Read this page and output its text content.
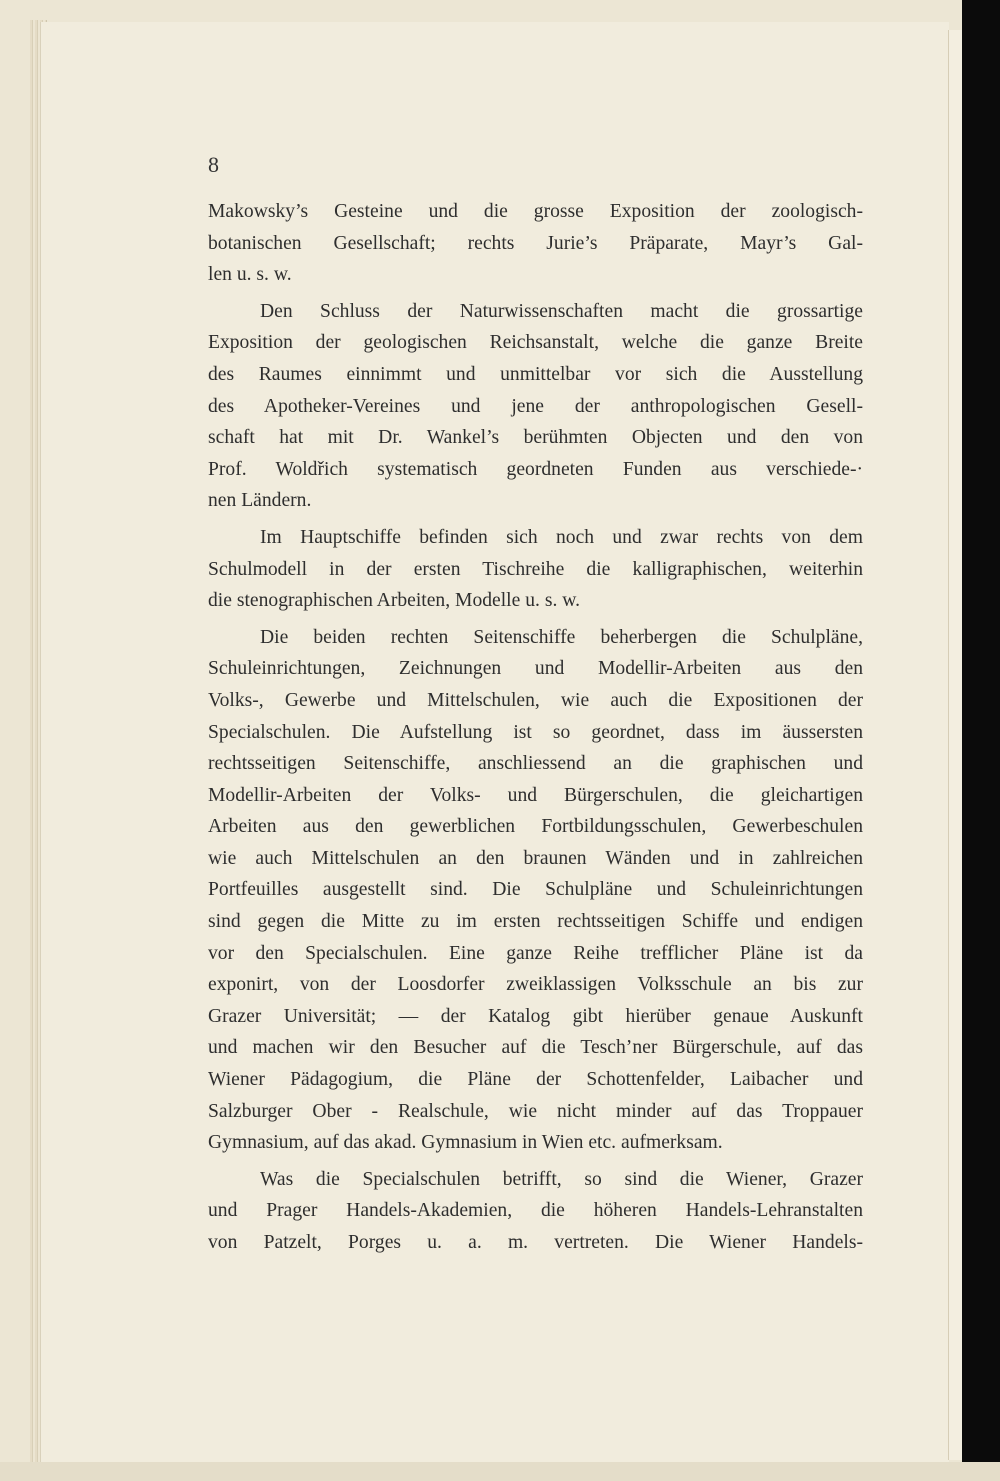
8
Makowsky’s Gesteine und die grosse Exposition der zoologisch-
botanischen Gesellschaft; rechts Jurie’s Präparate, Mayr’s Gal-
len u. s. w.
Den Schluss der Naturwissenschaften macht die grossartige
Exposition der geologischen Reichsanstalt, welche die ganze Breite
des Raumes einnimmt und unmittelbar vor sich die Ausstellung
des Apotheker-Vereines und jene der anthropologischen Gesell-
schaft hat mit Dr. Wankel’s berühmten Objecten und den von
Prof. Woldřich systematisch geordneten Funden aus verschiede-·
nen Ländern.
Im Hauptschiffe befinden sich noch und zwar rechts von dem
Schulmodell in der ersten Tischreihe die kalligraphischen, weiterhin
die stenographischen Arbeiten, Modelle u. s. w.
Die beiden rechten Seitenschiffe beherbergen die Schulpläne,
Schuleinrichtungen, Zeichnungen und Modellir-Arbeiten aus den
Volks-, Gewerbe und Mittelschulen, wie auch die Expositionen der
Specialschulen. Die Aufstellung ist so geordnet, dass im äussersten
rechtsseitigen Seitenschiffe, anschliessend an die graphischen und
Modellir-Arbeiten der Volks- und Bürgerschulen, die gleichartigen
Arbeiten aus den gewerblichen Fortbildungsschulen, Gewerbeschulen
wie auch Mittelschulen an den braunen Wänden und in zahlreichen
Portfeuilles ausgestellt sind. Die Schulpläne und Schuleinrichtungen
sind gegen die Mitte zu im ersten rechtsseitigen Schiffe und endigen
vor den Specialschulen. Eine ganze Reihe trefflicher Pläne ist da
exponirt, von der Loosdorfer zweiklassigen Volksschule an bis zur
Grazer Universität; — der Katalog gibt hierüber genaue Auskunft
und machen wir den Besucher auf die Tesch’ner Bürgerschule, auf das
Wiener Pädagogium, die Pläne der Schottenfelder, Laibacher und
Salzburger Ober - Realschule, wie nicht minder auf das Troppauer
Gymnasium, auf das akad. Gymnasium in Wien etc. aufmerksam.
Was die Specialschulen betrifft, so sind die Wiener, Grazer
und Prager Handels-Akademien, die höheren Handels-Lehranstalten
von Patzelt, Porges u. a. m. vertreten. Die Wiener Handels-
